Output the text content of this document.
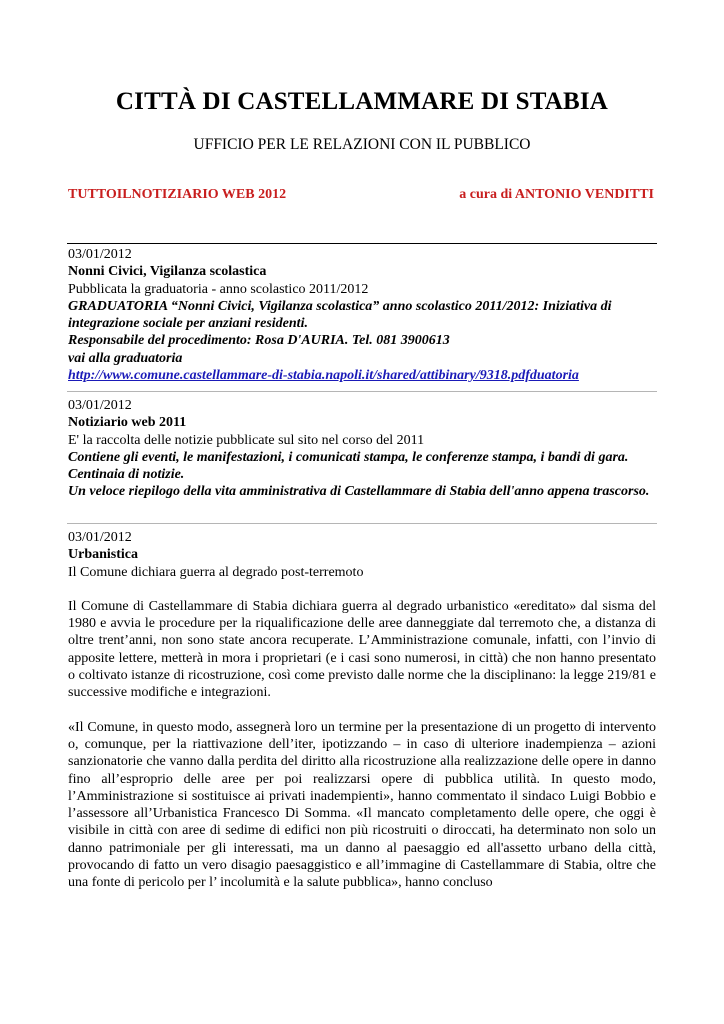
CITTÀ DI CASTELLAMMARE DI STABIA
UFFICIO PER LE RELAZIONI CON IL PUBBLICO
TUTTOILNOTIZIARIO WEB 2012	a cura di ANTONIO VENDITTI

03/01/2012

Nonni Civici, Vigilanza scolastica

Pubblicata la graduatoria - anno scolastico 2011/2012

GRADUATORIA “Nonni Civici, Vigilanza scolastica” anno scolastico 2011/2012: Iniziativa di integrazione sociale per anziani residenti.

Responsabile del procedimento: Rosa D'AURIA. Tel. 081 3900613

vai alla graduatoria

http://www.comune.castellammare-di-stabia.napoli.it/shared/attibinary/9318.pdfduatoria

03/01/2012

Notiziario web 2011

E' la raccolta delle notizie pubblicate sul sito nel corso del 2011

Contiene gli eventi, le manifestazioni, i comunicati stampa, le conferenze stampa, i bandi di gara. Centinaia di notizie.

Un veloce riepilogo della vita amministrativa di Castellammare di Stabia dell'anno appena trascorso.

03/01/2012

Urbanistica

Il Comune dichiara guerra al degrado post-terremoto

Il Comune di Castellammare di Stabia dichiara guerra al degrado urbanistico «ereditato» dal sisma del 1980 e avvia le procedure per la riqualificazione delle aree danneggiate dal terremoto che, a distanza di oltre trent’anni, non sono state ancora recuperate. L’Amministrazione comunale, infatti, con l’invio di apposite lettere, metterà in mora i proprietari (e i casi sono numerosi, in città) che non hanno presentato o coltivato istanze di ricostruzione, così come previsto dalle norme che la disciplinano: la legge 219/81 e successive modifiche e integrazioni.

«Il Comune, in questo modo, assegnerà loro un termine per la presentazione di un progetto di intervento o, comunque, per la riattivazione dell’iter, ipotizzando – in caso di ulteriore inadempienza – azioni sanzionatorie che vanno dalla perdita del diritto alla ricostruzione alla realizzazione delle opere in danno fino all’esproprio delle aree per poi realizzarsi opere di pubblica utilità. In questo modo, l’Amministrazione si sostituisce ai privati inadempienti», hanno commentato il sindaco Luigi Bobbio e l’assessore all’Urbanistica Francesco Di Somma. «Il mancato completamento delle opere, che oggi è visibile in città con aree di sedime di edifici non più ricostruiti o diroccati, ha determinato non solo un danno patrimoniale per gli interessati, ma un danno al paesaggio ed all'assetto urbano della città, provocando di fatto un vero disagio paesaggistico e all’immagine di Castellammare di Stabia, oltre che una fonte di pericolo per l’ incolumità e la salute pubblica», hanno concluso
